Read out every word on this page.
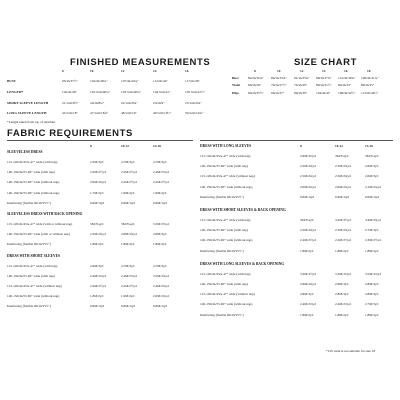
FINISHED MEASUREMENTS
0	10	12	14	16
BUST	95cm/37½"	102cm/40¼"	107cm/42¼"	112cm/44"	117cm/46"
LENGTH*	102cm/40"	102.5cm/40¼"	103.5cm/40¾"	104.5cm/41"	105.5cm/41½"
SHORT SLEEVE LENGTH	21.5cm/8½"	22cm/8¾"	22.5cm/8¾"	23cm/9"	23.5cm/9¼"
LONG SLEEVE LENGTH	45.5cm/18"	47.5cm/18¾"	48.5cm/19"	49.5cm/19½"	50.5cm/19¾"
*Length taken from top of shoulder
SIZE CHART
8	10	12	14	16	18
Bust	82cm/32¼" 86cm/33¾" 91cm/35¾" 96cm/37¾" 101cm/39¾" 106cm/41¾"
Waist 66cm/26"	70cm/27½" 74cm/29"	80cm/31½" 84cm/33"	89cm/35"
Hips	90cm/35½" 94cm/37"	99cm/39"	104cm/41" 108cm/42½" 113cm/44½"
FABRIC REQUIREMENTS
8	10-12	14-16
SLEEVELESS DRESS
115-120cm/45¼-47" wide (with nap)	2.5M/3yd	2.7M/3yd	2.7M/3yd
140-150cm/55-60" wide (with nap)	2.2M/2½yd	2.2M/2½yd	2.4M/2⅝yd
140-150cm/55-60" wide (without nap)	2.0M/2¼yd	2.2M/2½yd	2.2M/2½yd
140-150cm/55-60" wide (without nap)	1.7M/2yd	1.9M/2yd	1.9M/2yd
Interfacing (fusible 90cm/35½")	0.6M/⅝yd	0.6M/⅝yd	0.6M/⅝yd
SLEEVELESS DRESS WITH BACK OPENING
115-120cm/45¼-47" wide (with or without nap)	3M/3¼yd	3M/3¼yd	3.5M/3⅞yd
140-150cm/55-60" wide (with or without nap)	2.5M/2¾yd	2.6M/2¾yd	2.6M/3yd
Interfacing (fusible 90cm/35½")	1.8M/2yd	1.8M/2yd	1.8M/2yd
DRESS WITH SHORT SLEEVES
115-120cm/45¼-47" wide (with nap)	2.6M/3yd	2.7M/3yd	2.7M/3yd
140-150cm/55-60" wide (with nap)	2.4M/2⅝yd	2.4M/2⅝yd	2.5M/2¾yd
115-120cm/45¼-47" wide (without nap)	2.2M/2½yd	2.2M/2½yd	2.4M/2⅝yd
140-150cm/55-60" wide (without nap)	1.8M/2yd	1.9M/2yd	2.0M/2¼yd
Interfacing (fusible 90cm/35½")	0.6M/⅝yd	0.6M/⅝yd	0.6M/⅝yd
DRESS WITH LONG SLEEVES	8	10-12	14-16
115-120cm/45¼-47" wide (with nap)	2.9M/3⅛yd	3M/3¼yd	3M/3¼yd
140-150cm/55-60" wide (with nap)	2.5M/2¾yd	2.5M/2¾yd	2.6M/3yd
115-120cm/45¼-47" wide (without nap)	2.5M/2¾yd	2.5M/2¾yd	2.6M/3yd
140-150cm/55-60" wide (without nap)	2.0M/2¼yd	2.0M/2¼yd	2.1M/2¼yd
Interfacing (fusible 90cm/35½")	0.6M/⅝yd	0.6M/⅝yd	0.6M/⅝yd
DRESS WITH SHORT SLEEVES & BACK OPENING
115-120cm/45¼-47" wide (with nap)	3M/3¼yd	3.2M/3½yd	3.4M/3¾yd
140-150cm/55-60" wide (with nap)	2.5M/2¾yd	2.5M/2¾yd	2.7M/3yd
140-150cm/55-60" wide (without nap)	2.2M/2½yd	2.2M/2½yd	2.3M/2½yd
Interfacing (fusible 90cm/35½")	1.8M/2yd	1.8M/2yd	1.8M/2yd
DRESS WITH LONG SLEEVES & BACK OPENING
115-120cm/45¼-47" wide (with nap)	3.2M/3½yd	3.3M/3⅝yd	3.5M/3⅞yd
140-150cm/55-60" wide (with nap)	2.6M/2¾yd	2.6M/3yd	2.8M/3yd
115-120cm/45¼-47" wide (without nap)	2.8M/3yd	2.8M/3yd	2.8M/3yd
140-150cm/55-60" wide (without nap)	2.4M/2⅝yd	2.4M/2⅝yd	2.7M/3yd
Interfacing (fusible 90cm/35½")	1.8M/2yd	1.8M/2yd	1.8M/2yd
*150 wide is not suitable for size 18
